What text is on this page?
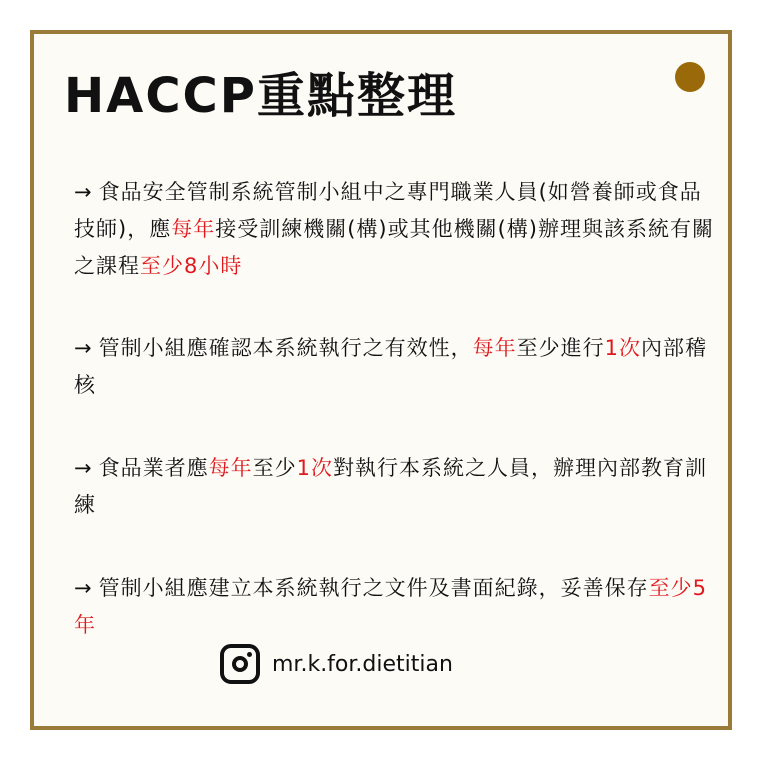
HACCP重點整理
→ 食品安全管制系統管制小組中之專門職業人員(如營養師或食品技師)，應每年接受訓練機關(構)或其他機關(構)辦理與該系統有關之課程至少8小時
→ 管制小組應確認本系統執行之有效性，每年至少進行1次內部稽核
→ 食品業者應每年至少1次對執行本系統之人員，辦理內部教育訓練
→ 管制小組應建立本系統執行之文件及書面紀錄，妥善保存至少5年
mr.k.for.dietitian
